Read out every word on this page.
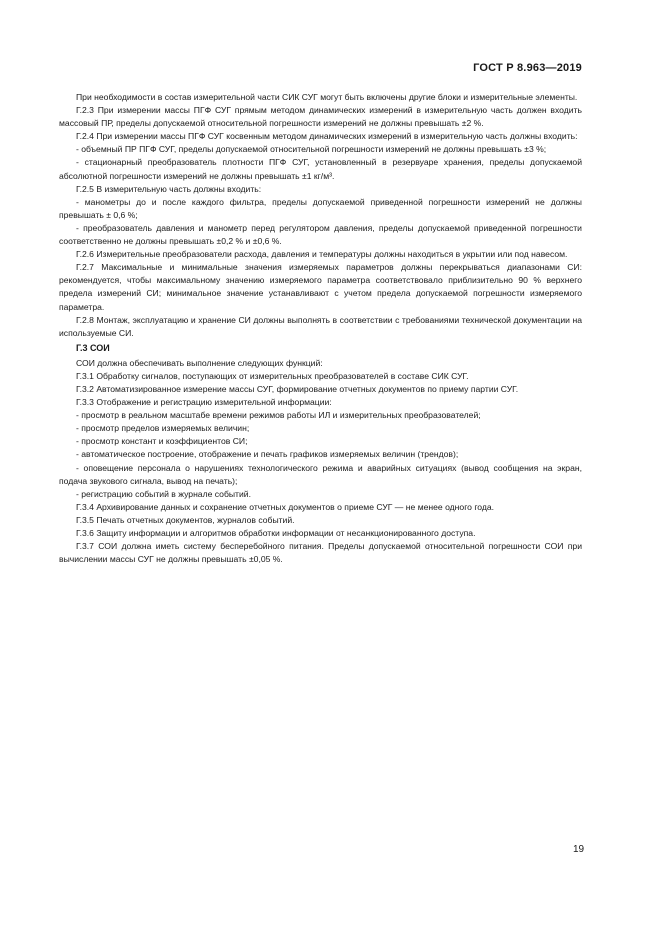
ГОСТ Р 8.963—2019

При необходимости в состав измерительной части СИК СУГ могут быть включены другие блоки и измерительные элементы.

Г.2.3 При измерении массы ПГФ СУГ прямым методом динамических измерений в измерительную часть должен входить массовый ПР, пределы допускаемой относительной погрешности измерений не должны превышать ±2 %.

Г.2.4 При измерении массы ПГФ СУГ косвенным методом динамических измерений в измерительную часть должны входить:

- объемный ПР ПГФ СУГ, пределы допускаемой относительной погрешности измерений не должны превышать ±3 %;

- стационарный преобразователь плотности ПГФ СУГ, установленный в резервуаре хранения, пределы допускаемой абсолютной погрешности измерений не должны превышать ±1 кг/м³.

Г.2.5 В измерительную часть должны входить:

- манометры до и после каждого фильтра, пределы допускаемой приведенной погрешности измерений не должны превышать ± 0,6 %;

- преобразователь давления и манометр перед регулятором давления, пределы допускаемой приведенной погрешности соответственно не должны превышать ±0,2 % и ±0,6 %.

Г.2.6 Измерительные преобразователи расхода, давления и температуры должны находиться в укрытии или под навесом.

Г.2.7 Максимальные и минимальные значения измеряемых параметров должны перекрываться диапазонами СИ: рекомендуется, чтобы максимальному значению измеряемого параметра соответствовало приблизительно 90 % верхнего предела измерений СИ; минимальное значение устанавливают с учетом предела допускаемой погрешности измеряемого параметра.

Г.2.8 Монтаж, эксплуатацию и хранение СИ должны выполнять в соответствии с требованиями технической документации на используемые СИ.

Г.3 СОИ

СОИ должна обеспечивать выполнение следующих функций:

Г.3.1 Обработку сигналов, поступающих от измерительных преобразователей в составе СИК СУГ.

Г.3.2 Автоматизированное измерение массы СУГ, формирование отчетных документов по приему партии СУГ.

Г.3.3 Отображение и регистрацию измерительной информации:

- просмотр в реальном масштабе времени режимов работы ИЛ и измерительных преобразователей;

- просмотр пределов измеряемых величин;

- просмотр констант и коэффициентов СИ;

- автоматическое построение, отображение и печать графиков измеряемых величин (трендов);

- оповещение персонала о нарушениях технологического режима и аварийных ситуациях (вывод сообщения на экран, подача звукового сигнала, вывод на печать);

- регистрацию событий в журнале событий.

Г.3.4 Архивирование данных и сохранение отчетных документов о приеме СУГ — не менее одного года.

Г.3.5 Печать отчетных документов, журналов событий.

Г.3.6 Защиту информации и алгоритмов обработки информации от несанкционированного доступа.

Г.3.7 СОИ должна иметь систему бесперебойного питания. Пределы допускаемой относительной погрешности СОИ при вычислении массы СУГ не должны превышать ±0,05 %.

19
